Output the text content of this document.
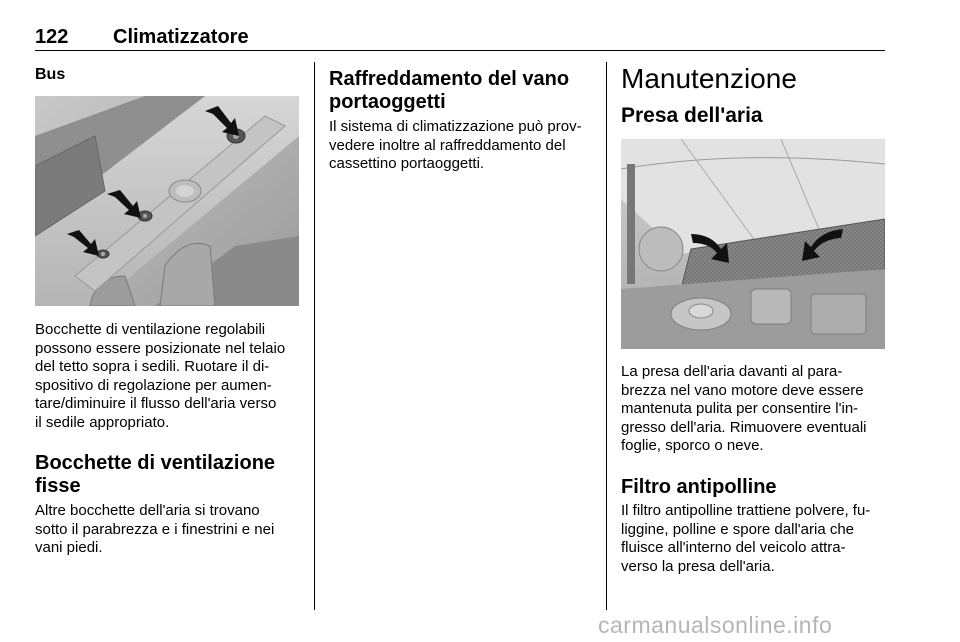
122 Climatizzatore
Bus
Bocchette di ventilazione regolabili
possono essere posizionate nel telaio
del tetto sopra i sedili. Ruotare il di-
spositivo di regolazione per aumen-
tare/diminuire il flusso dell'aria verso
il sedile appropriato.
Bocchette di ventilazione
fisse
Altre bocchette dell'aria si trovano
sotto il parabrezza e i finestrini e nei
vani piedi.
Raffreddamento del vano
portaoggetti
Il sistema di climatizzazione può prov-
vedere inoltre al raffreddamento del
cassettino portaoggetti.
Manutenzione
Presa dell'aria
La presa dell'aria davanti al para-
brezza nel vano motore deve essere
mantenuta pulita per consentire l'in-
gresso dell'aria. Rimuovere eventuali
foglie, sporco o neve.
Filtro antipolline
Il filtro antipolline trattiene polvere, fu-
liggine, polline e spore dall'aria che
fluisce all'interno del veicolo attra-
verso la presa dell'aria.
carmanualsonline.info
